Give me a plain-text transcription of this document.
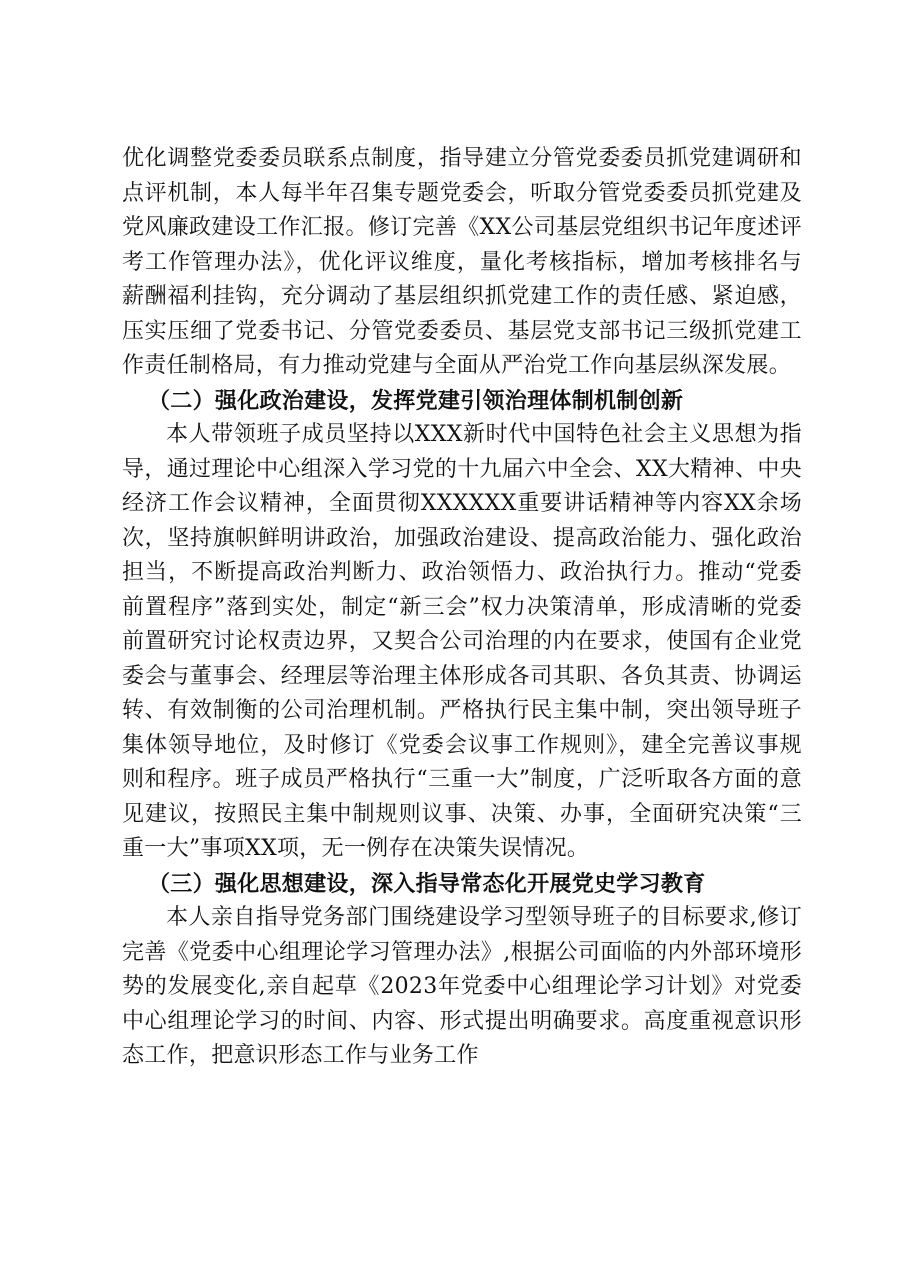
优化调整党委委员联系点制度，指导建立分管党委委员抓党建调研和点评机制，本人每半年召集专题党委会，听取分管党委委员抓党建及党风廉政建设工作汇报。修订完善《XX公司基层党组织书记年度述评考工作管理办法》，优化评议维度，量化考核指标，增加考核排名与薪酬福利挂钩，充分调动了基层组织抓党建工作的责任感、紧迫感，压实压细了党委书记、分管党委委员、基层党支部书记三级抓党建工作责任制格局，有力推动党建与全面从严治党工作向基层纵深发展。

（二）强化政治建设，发挥党建引领治理体制机制创新

本人带领班子成员坚持以XXX新时代中国特色社会主义思想为指导，通过理论中心组深入学习党的十九届六中全会、XX大精神、中央经济工作会议精神，全面贯彻XXXXXX重要讲话精神等内容XX余场次，坚持旗帜鲜明讲政治，加强政治建设、提高政治能力、强化政治担当，不断提高政治判断力、政治领悟力、政治执行力。推动“党委前置程序”落到实处，制定“新三会”权力决策清单，形成清晰的党委前置研究讨论权责边界，又契合公司治理的内在要求，使国有企业党委会与董事会、经理层等治理主体形成各司其职、各负其责、协调运转、有效制衡的公司治理机制。严格执行民主集中制，突出领导班子集体领导地位，及时修订《党委会议事工作规则》，建全完善议事规则和程序。班子成员严格执行“三重一大”制度，广泛听取各方面的意见建议，按照民主集中制规则议事、决策、办事，全面研究决策“三重一大”事项XX项，无一例存在决策失误情况。

（三）强化思想建设，深入指导常态化开展党史学习教育

本人亲自指导党务部门围绕建设学习型领导班子的目标要求,修订完善《党委中心组理论学习管理办法》,根据公司面临的内外部环境形势的发展变化,亲自起草《2023年党委中心组理论学习计划》对党委中心组理论学习的时间、内容、形式提出明确要求。高度重视意识形态工作，把意识形态工作与业务工作
